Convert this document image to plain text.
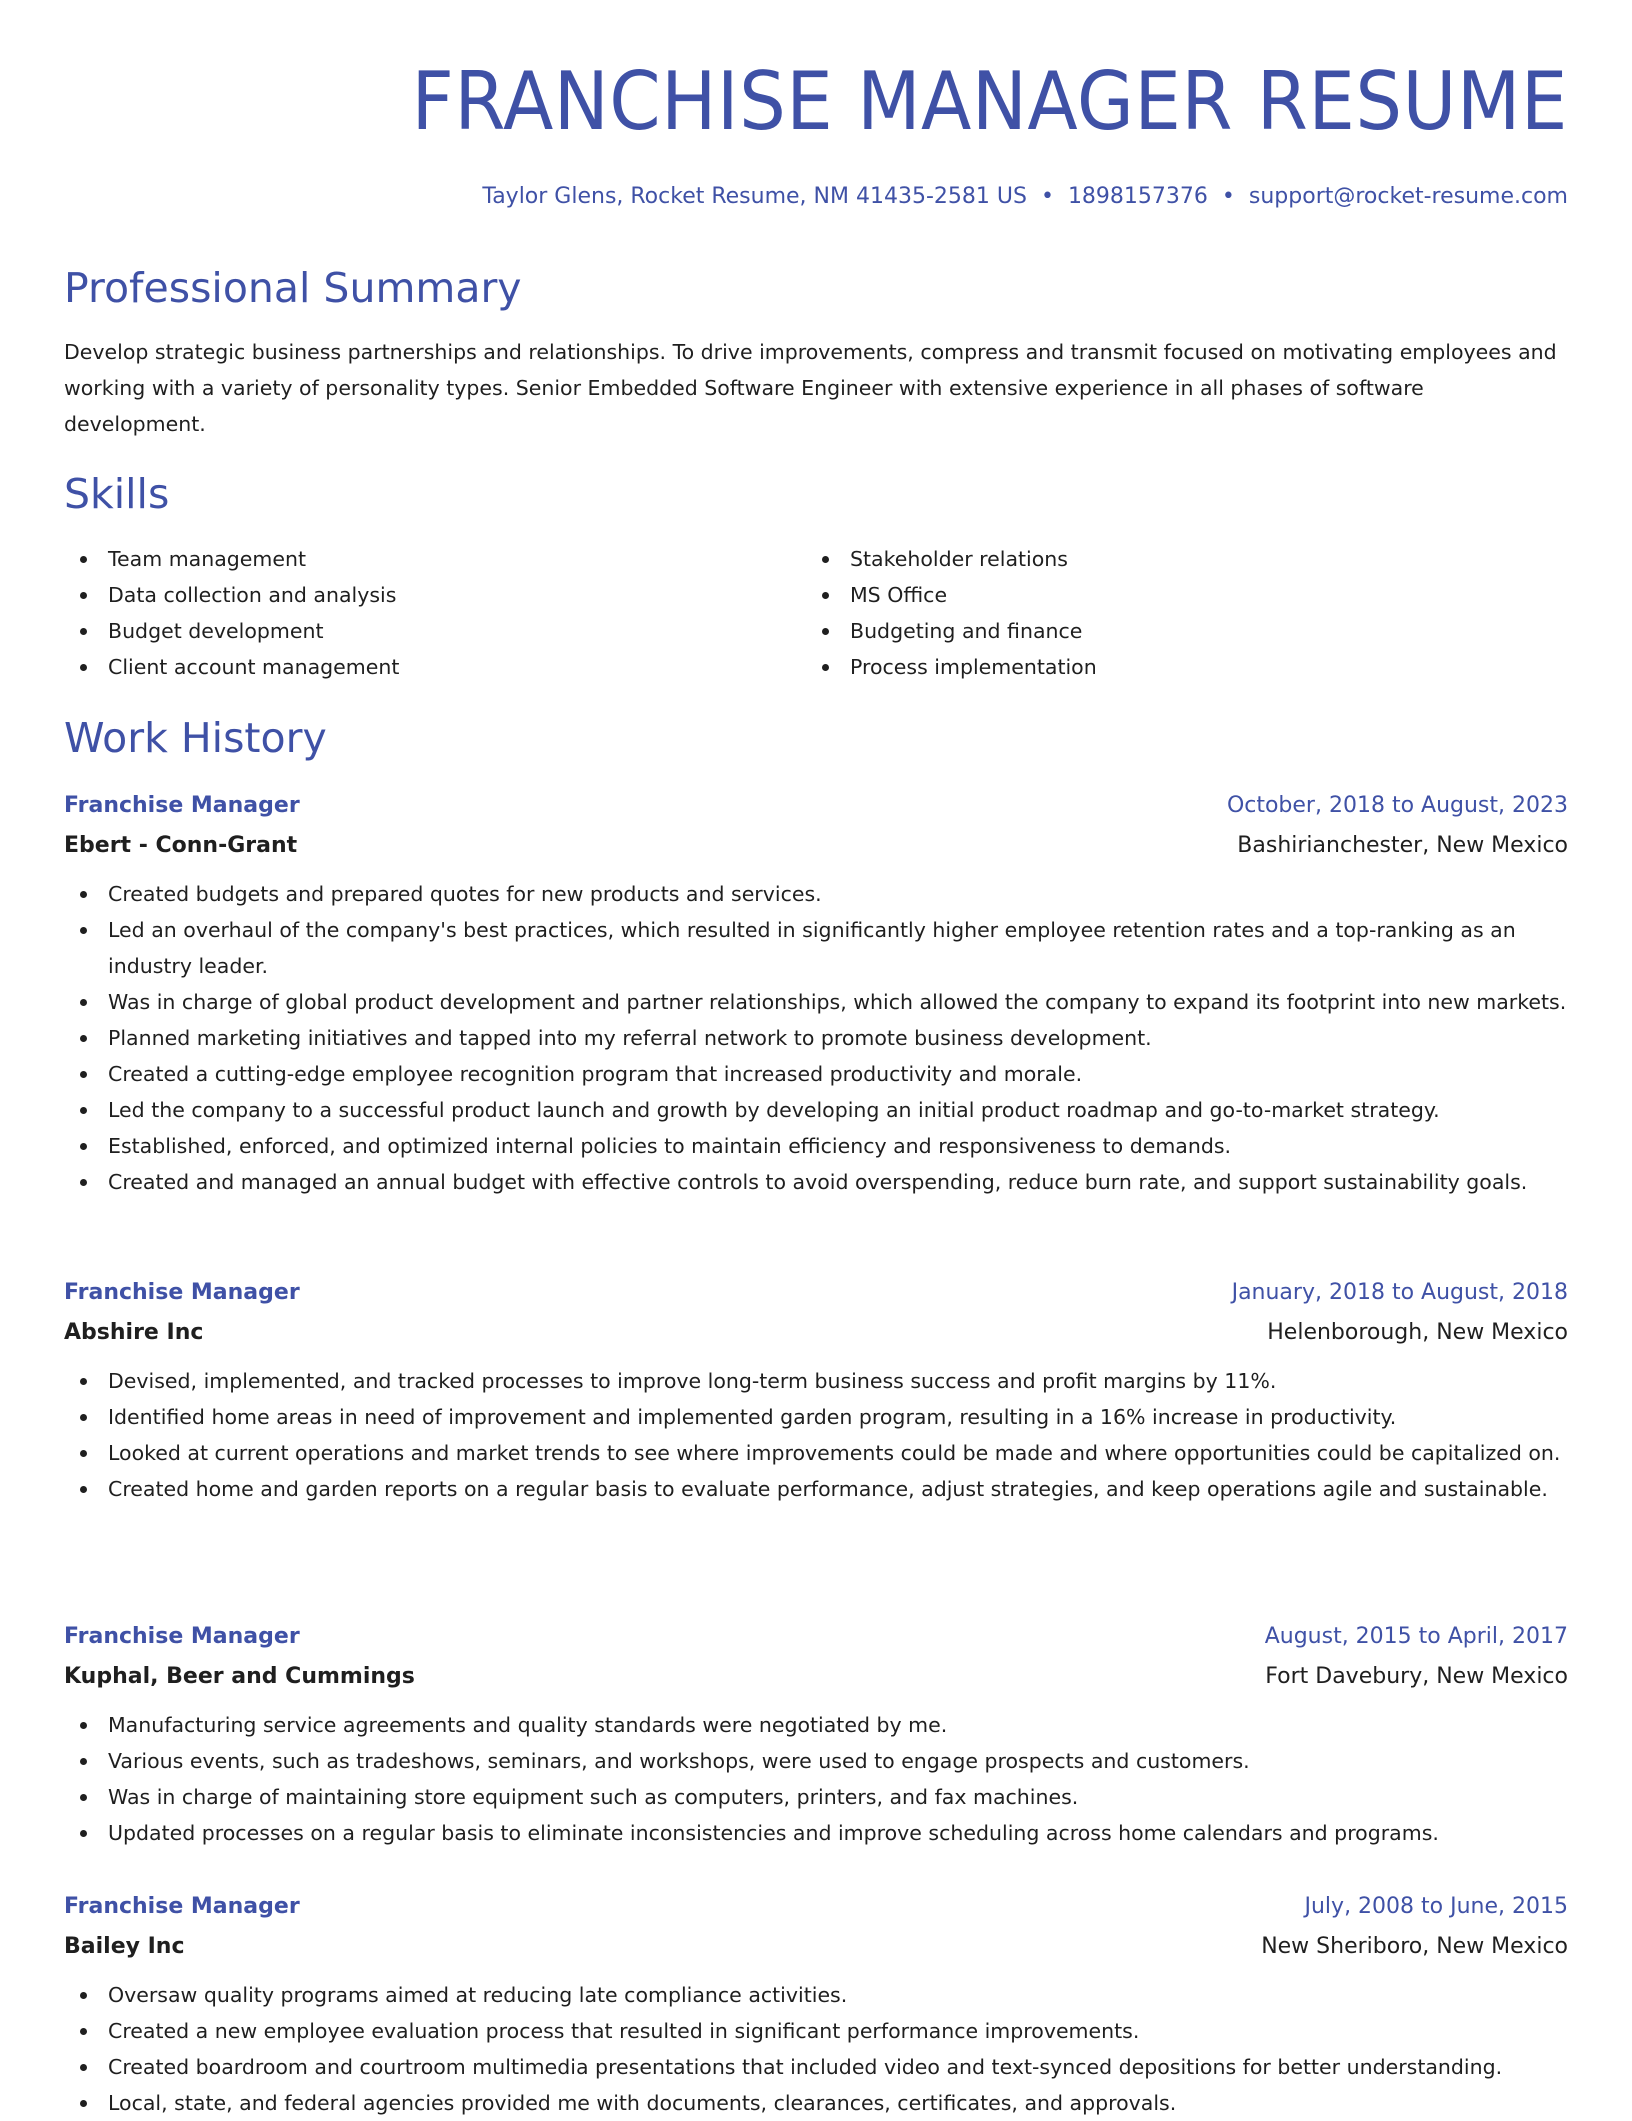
FRANCHISE MANAGER RESUME
Taylor Glens, Rocket Resume, NM 41435-2581 US • 1898157376 • support@rocket-resume.com
Professional Summary

Develop strategic business partnerships and relationships. To drive improvements, compress and transmit focused on motivating employees and working with a variety of personality types. Senior Embedded Software Engineer with extensive experience in all phases of software development.

Skills
Team management
Data collection and analysis
Budget development
Client account management
Stakeholder relations
MS Office
Budgeting and finance
Process implementation
Work History
Franchise Manager	October, 2018 to August, 2023
Ebert - Conn-Grant	Bashirianchester, New Mexico
Created budgets and prepared quotes for new products and services.
Led an overhaul of the company's best practices, which resulted in significantly higher employee retention rates and a top-ranking as an industry leader.
Was in charge of global product development and partner relationships, which allowed the company to expand its footprint into new markets.
Planned marketing initiatives and tapped into my referral network to promote business development.
Created a cutting-edge employee recognition program that increased productivity and morale.
Led the company to a successful product launch and growth by developing an initial product roadmap and go-to-market strategy.
Established, enforced, and optimized internal policies to maintain efficiency and responsiveness to demands.
Created and managed an annual budget with effective controls to avoid overspending, reduce burn rate, and support sustainability goals.
Franchise Manager	January, 2018 to August, 2018
Abshire Inc	Helenborough, New Mexico
Devised, implemented, and tracked processes to improve long-term business success and profit margins by 11%.
Identified home areas in need of improvement and implemented garden program, resulting in a 16% increase in productivity.
Looked at current operations and market trends to see where improvements could be made and where opportunities could be capitalized on.
Created home and garden reports on a regular basis to evaluate performance, adjust strategies, and keep operations agile and sustainable.
Franchise Manager	August, 2015 to April, 2017
Kuphal, Beer and Cummings	Fort Davebury, New Mexico
Manufacturing service agreements and quality standards were negotiated by me.
Various events, such as tradeshows, seminars, and workshops, were used to engage prospects and customers.
Was in charge of maintaining store equipment such as computers, printers, and fax machines.
Updated processes on a regular basis to eliminate inconsistencies and improve scheduling across home calendars and programs.
Franchise Manager	July, 2008 to June, 2015
Bailey Inc	New Sheriboro, New Mexico
Oversaw quality programs aimed at reducing late compliance activities.
Created a new employee evaluation process that resulted in significant performance improvements.
Created boardroom and courtroom multimedia presentations that included video and text-synced depositions for better understanding.
Local, state, and federal agencies provided me with documents, clearances, certificates, and approvals.
